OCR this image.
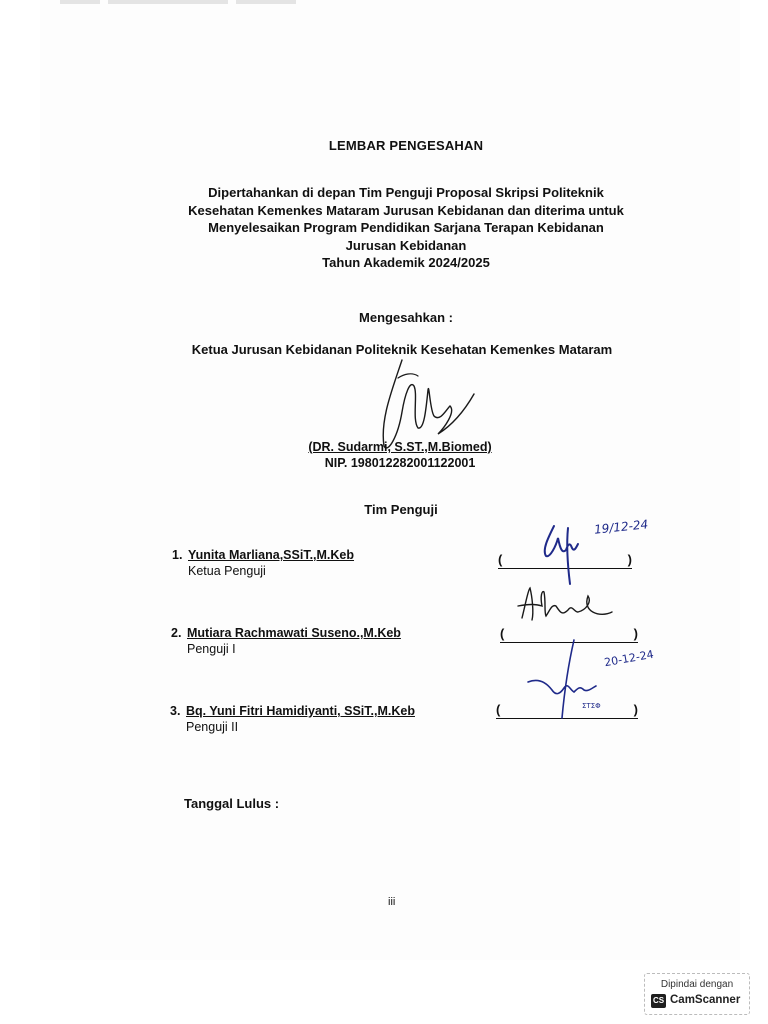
LEMBAR PENGESAHAN
Dipertahankan di depan Tim Penguji Proposal Skripsi Politeknik
Kesehatan Kemenkes Mataram Jurusan Kebidanan dan diterima untuk
Menyelesaikan Program Pendidikan Sarjana Terapan Kebidanan
Jurusan Kebidanan
Tahun Akademik 2024/2025
Mengesahkan :
Ketua Jurusan Kebidanan Politeknik Kesehatan Kemenkes Mataram
(DR. Sudarmi, S.ST.,M.Biomed)
NIP. 198012282001122001
Tim Penguji
1. Yunita Marliana,SSiT.,M.Keb
Ketua Penguji
(	)
19/12-24
2. Mutiara Rachmawati Suseno.,M.Keb
Penguji I
(	)
3. Bq. Yuni Fitri Hamidiyanti, SSiT.,M.Keb
Penguji II
(	)
ΣΤΣΦ
20-12-24
Tanggal Lulus :
iii
Dipindai dengan
CS CamScanner
